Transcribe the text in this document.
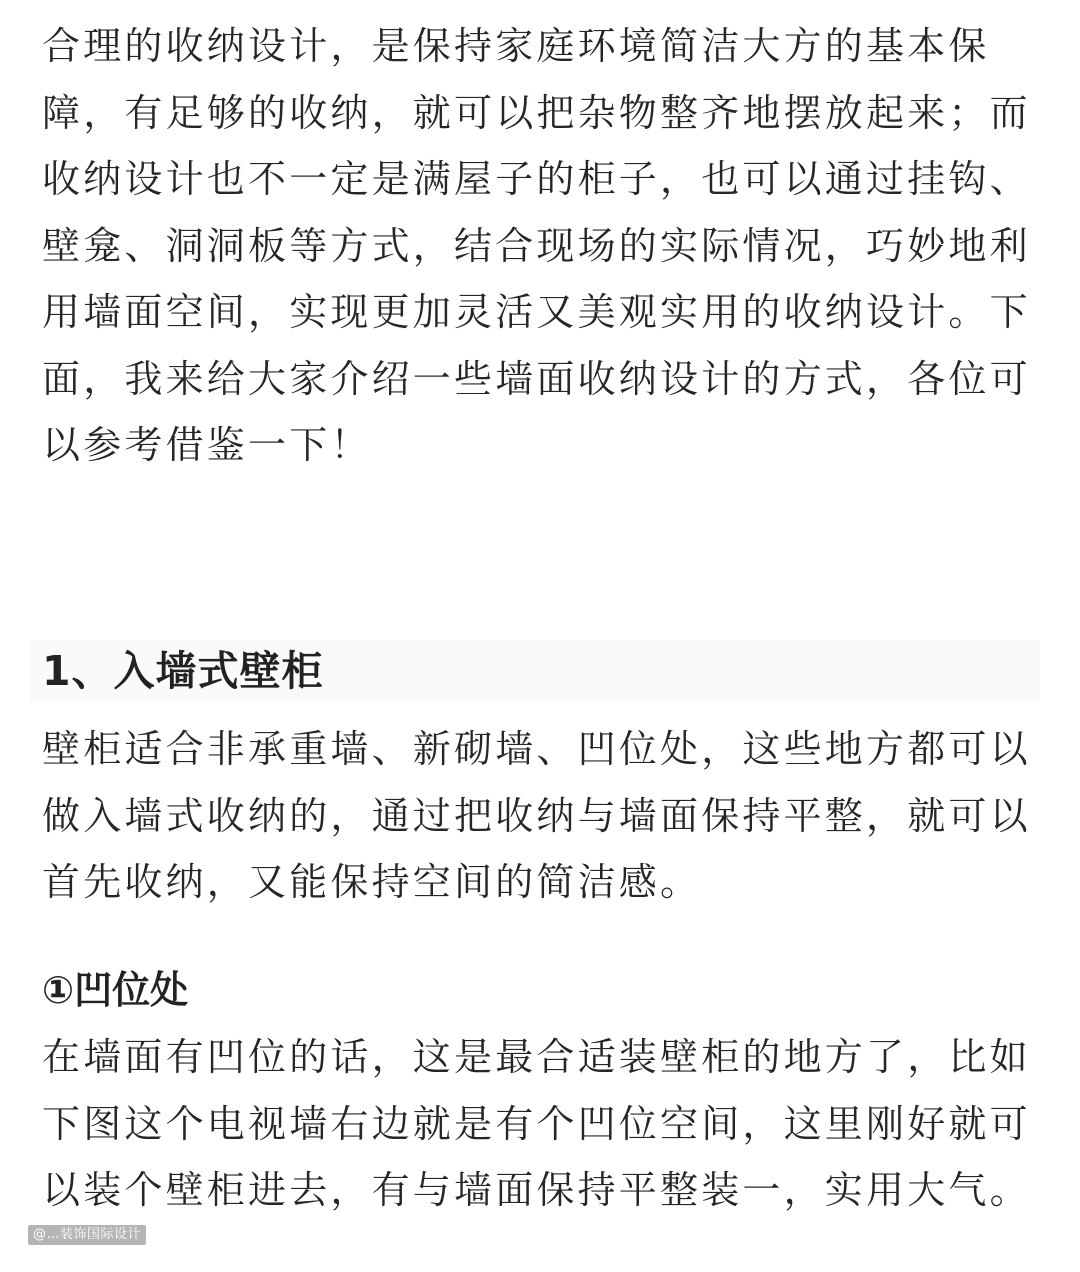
合理的收纳设计，是保持家庭环境简洁大方的基本保障，有足够的收纳，就可以把杂物整齐地摆放起来；而收纳设计也不一定是满屋子的柜子，也可以通过挂钩、壁龛、洞洞板等方式，结合现场的实际情况，巧妙地利用墙面空间，实现更加灵活又美观实用的收纳设计。下面，我来给大家介绍一些墙面收纳设计的方式，各位可以参考借鉴一下！

1、入墙式壁柜

壁柜适合非承重墙、新砌墙、凹位处，这些地方都可以做入墙式收纳的，通过把收纳与墙面保持平整，就可以首先收纳，又能保持空间的简洁感。

①凹位处

在墙面有凹位的话，这是最合适装壁柜的地方了，比如下图这个电视墙右边就是有个凹位空间，这里刚好就可以装个壁柜进去，有与墙面保持平整装一，实用大气。

@…装饰国际设计
